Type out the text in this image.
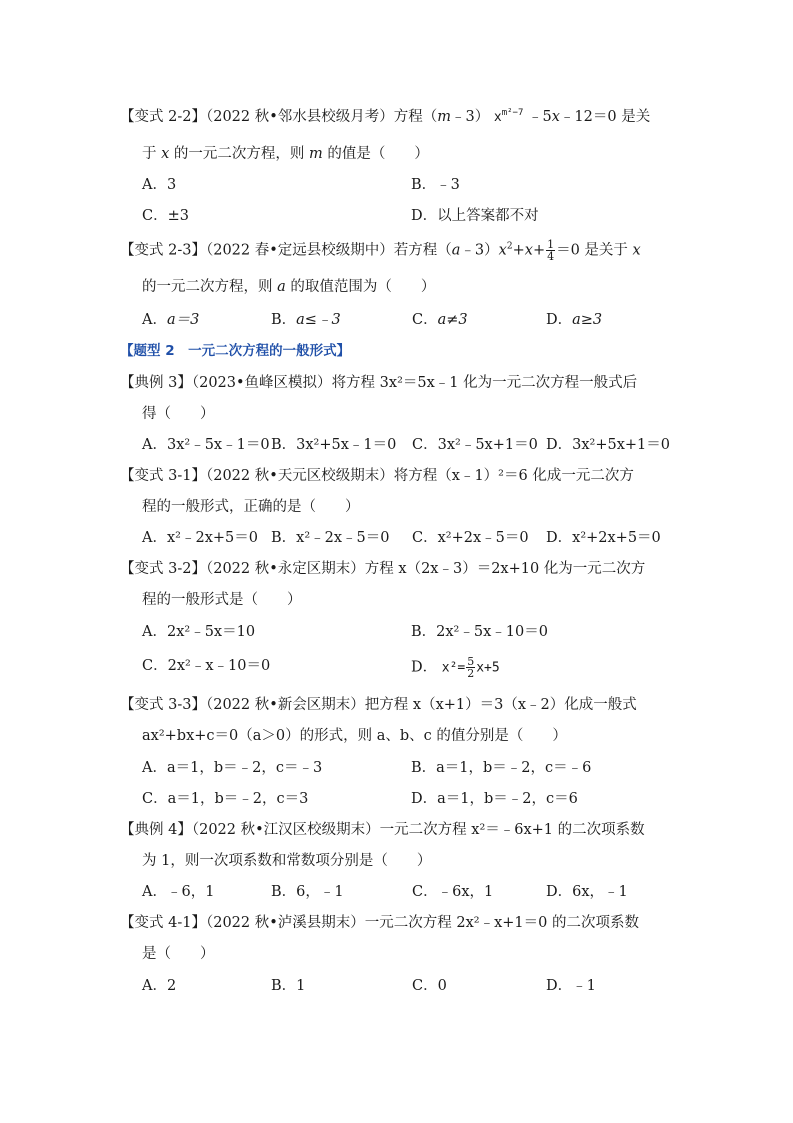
【变式 2-2】（2022 秋•邻水县校级月考）方程（m﹣3） $x^{m^2-7}$ ﹣5x﹣12＝0 是关
于 x 的一元二次方程，则 m 的值是（　　）
A．3	B．﹣3
C．±3	D．以上答案都不对
【变式 2-3】（2022 春•定远县校级期中）若方程$(a﹣3)x^2+x+ \frac{1}{4} =0$ 是关于 x
的一元二次方程，则 a 的取值范围为（　　）
A．a＝3	B．a≤﹣3	C．a≠3	D．a≥3
【题型 2　一元二次方程的一般形式】
【典例 3】（2023•鱼峰区模拟）将方程 3x²＝5x﹣1 化为一元二次方程一般式后
得（　　）
A．3x²﹣5x﹣1＝0 B．3x²+5x﹣1＝0 C．3x²﹣5x+1＝0 D．3x²+5x+1＝0
【变式 3-1】（2022 秋•天元区校级期末）将方程（x﹣1）²＝6 化成一元二次方
程的一般形式，正确的是（　　）
A．x²﹣2x+5＝0 B．x²﹣2x﹣5＝0 C．x²+2x﹣5＝0 D．x²+2x+5＝0
【变式 3-2】（2022 秋•永定区期末）方程 x（2x﹣3）＝2x+10 化为一元二次方
程的一般形式是（　　）
A．2x²﹣5x＝10	B．2x²﹣5x﹣10＝0
C．2x²﹣x﹣10＝0	D． $x^2= \frac{5}{2} x+5$
【变式 3-3】（2022 秋•新会区期末）把方程 x（x+1）＝3（x﹣2）化成一般式
ax²+bx+c＝0（a＞0）的形式，则 a、b、c 的值分别是（　　）
A．a＝1，b＝﹣2，c＝﹣3	B．a＝1，b＝﹣2，c＝﹣6
C．a＝1，b＝﹣2，c＝3	D．a＝1，b＝﹣2，c＝6
【典例 4】（2022 秋•江汉区校级期末）一元二次方程 x²＝﹣6x+1 的二次项系数
为 1，则一次项系数和常数项分别是（　　）
A．﹣6，1	B．6，﹣1	C．﹣6x，1	D．6x，﹣1
【变式 4-1】（2022 秋•泸溪县期末）一元二次方程 2x²﹣x+1＝0 的二次项系数
是（　　）
A．2	B．1	C．0	D．﹣1
